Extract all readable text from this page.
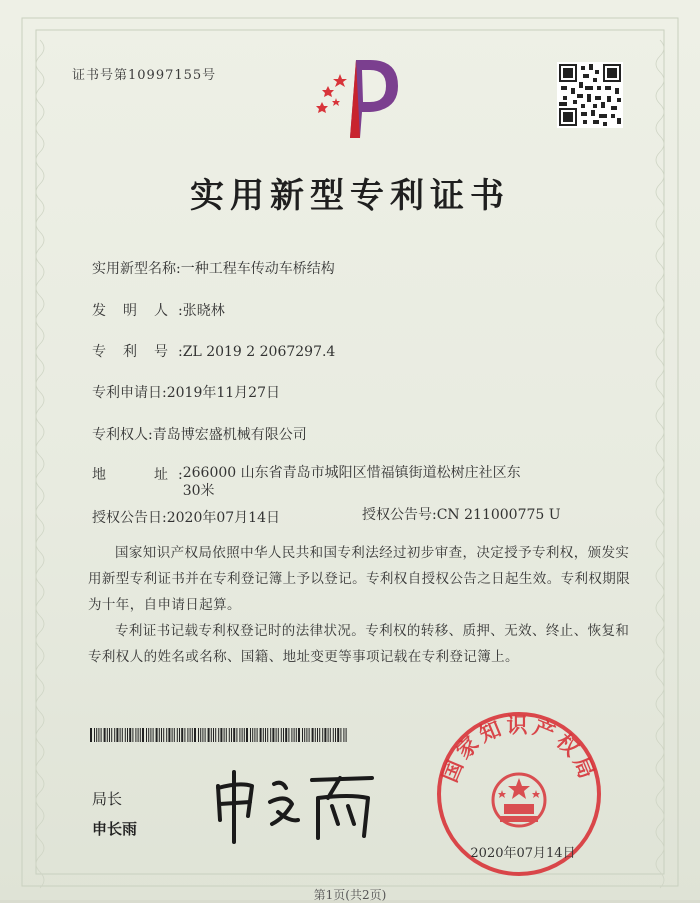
证书号第10997155号
实用新型专利证书
实用新型名称:一种工程车传动车桥结构
发 明 人 :张晓林
专 利 号 :ZL 2019 2 2067297.4
专利申请日:2019年11月27日
专利权人:青岛博宏盛机械有限公司
地	址 :266000 山东省青岛市城阳区惜福镇街道松树庄社区东30米
授权公告日:2020年07月14日	授权公告号:CN 211000775 U
国家知识产权局依照中华人民共和国专利法经过初步审查，决定授予专利权，颁发实用新型专利证书并在专利登记簿上予以登记。专利权自授权公告之日起生效。专利权期限为十年，自申请日起算。
专利证书记载专利权登记时的法律状况。专利权的转移、质押、无效、终止、恢复和专利权人的姓名或名称、国籍、地址变更等事项记载在专利登记簿上。
局长
申长雨
国家知识产权局
2020年07月14日
第1页(共2页)
